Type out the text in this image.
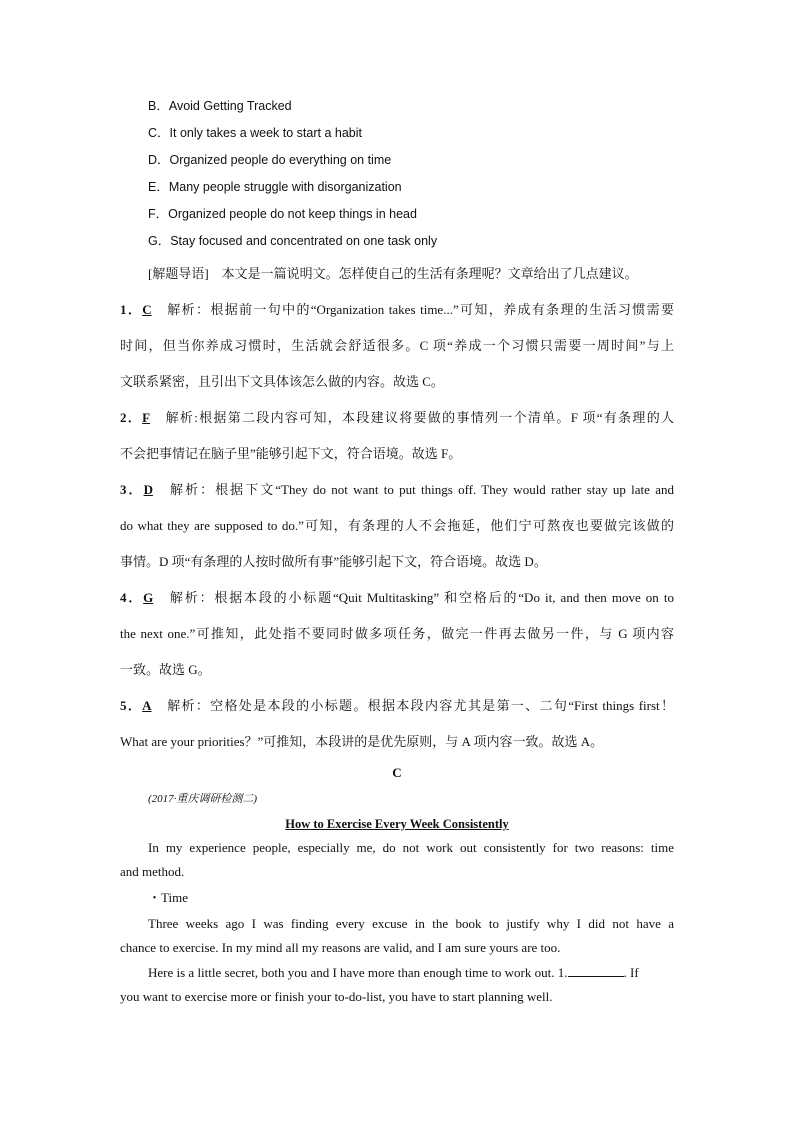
B．Avoid Getting Tracked
C．It only takes a week to start a habit
D．Organized people do everything on time
E．Many people struggle with disorganization
F．Organized people do not keep things in head
G．Stay focused and concentrated on one task only
[解题导语]　本文是一篇说明文。怎样使自己的生活有条理呢？文章给出了几点建议。
1．C　解析：根据前一句中的“Organization takes time...”可知，养成有条理的生活习惯需要
时间，但当你养成习惯时，生活就会舒适很多。C 项“养成一个习惯只需要一周时间”与上
文联系紧密，且引出下文具体该怎么做的内容。故选 C。
2．F　解析:根据第二段内容可知，本段建议将要做的事情列一个清单。F 项“有条理的人
不会把事情记在脑子里”能够引起下文，符合语境。故选 F。
3．D　解析：根据下文“They do not want to put things off. They would rather stay up late and
do what they are supposed to do.”可知，有条理的人不会拖延，他们宁可熬夜也要做完该做的
事情。D 项“有条理的人按时做所有事”能够引起下文，符合语境。故选 D。
4．G　解析：根据本段的小标题“Quit Multitasking” 和空格后的“Do it, and then move on to
the next one.”可推知，此处指不要同时做多项任务，做完一件再去做另一件，与 G 项内容
一致。故选 G。
5．A　解析：空格处是本段的小标题。根据本段内容尤其是第一、二句“First things first！
What are your priorities？”可推知，本段讲的是优先原则，与 A 项内容一致。故选 A。
C
(2017·重庆调研检测二)
How to Exercise Every Week Consistently
In my experience people, especially me, do not work out consistently for two reasons: time
and method.
・Time
Three weeks ago I was finding every excuse in the book to justify why I did not have a
chance to exercise. In my mind all my reasons are valid, and I am sure yours are too.
Here is a little secret, both you and I have more than enough time to work out. 1.	. If
you want to exercise more or finish your to-do-list, you have to start planning well.
